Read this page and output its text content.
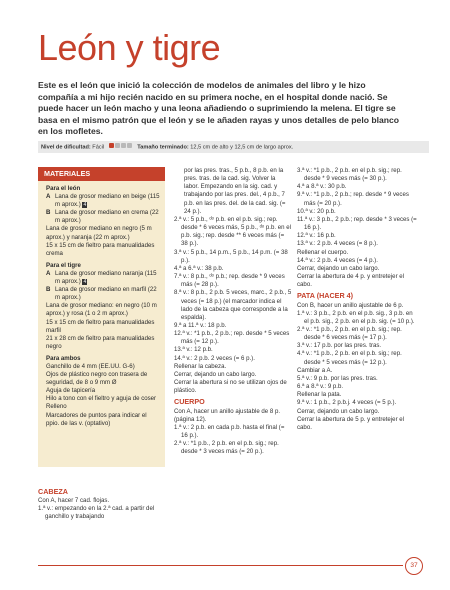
León y tigre

Este es el león que inició la colección de modelos de animales del libro y le hizo compañía a mi hijo recién nacido en su primera noche, en el hospital donde nació. Se puede hacer un león macho y una leona añadiendo o suprimiendo la melena. El tigre se basa en el mismo patrón que el león y se le añaden rayas y unos detalles de pelo blanco en los mofletes.

Nivel de dificultad: Fácil	Tamaño terminado: 12,5 cm de alto y 12,5 cm de largo aprox.
MATERIALES
Para el león
A Lana de grosor mediano en beige (115 m aprox.) 4
B Lana de grosor mediano en crema (22 m aprox.)
Lana de grosor mediano en negro (5 m aprox.) y naranja (22 m aprox.)
15 x 15 cm de fieltro para manualidades crema
Para el tigre
A Lana de grosor mediano naranja (115 m aprox.) 4
B Lana de grosor mediano en marfil (22 m aprox.)
Lana de grosor mediano: en negro (10 m aprox.) y rosa (1 o 2 m aprox.)
15 x 15 cm de fieltro para manualidades marfil
21 x 28 cm de fieltro para manualidades negro
Para ambos
Ganchillo de 4 mm (EE.UU. G-6)
Ojos de plástico negro con trasera de seguridad, de 8 o 9 mm Ø
Aguja de tapicería
Hilo a tono con el fieltro y aguja de coser
Relleno
Marcadores de puntos para indicar el ppio. de las v. (optativo)
CABEZA

Con A, hacer 7 cad. flojas.

1.ª v.: empezando en la 2.ª cad. a partir del ganchillo y trabajando

por las pres. tras., 5 p.b., 8 p.b. en la pres. tras. de la cad. sig. Volver la labor. Empezando en la sig. cad. y trabajando por las pres. del., 4 p.b., 7 p.b. en las pres. del. de la cad. sig. (= 24 p.).

2.ª v.: 5 p.b., ᵈᵒ p.b. en el p.b. sig.; rep. desde * 6 veces más, 5 p.b., ᵈᵒ p.b. en el p.b. sig.; rep. desde ** 6 veces más (= 38 p.).

3.ª v.: 5 p.b., 14 p.m., 5 p.b., 14 p.m. (= 38 p.).

4.ª a 6.ª v.: 38 p.b.

7.ª v.: 8 p.b., ᵈᵒ p.b.; rep. desde * 9 veces más (= 28 p.).

8.ª v.: 8 p.b., 2 p.b. 5 veces, marc., 2 p.b., 5 veces (= 18 p.) (el marcador indica el lado de la cabeza que corresponde a la espalda).

9.ª a 11.ª v.: 18 p.b.

12.ª v.: *1 p.b., 2 p.b.; rep. desde * 5 veces más (= 12 p.).

13.ª v.: 12 p.b.

14.ª v.: 2 p.b. 2 veces (= 6 p.).

Rellenar la cabeza.

Cerrar, dejando un cabo largo.

Cerrar la abertura si no se utilizan ojos de plástico.

CUERPO

Con A, hacer un anillo ajustable de 8 p. (página 12).

1.ª v.: 2 p.b. en cada p.b. hasta el final (= 16 p.).

2.ª v.: *1 p.b., 2 p.b. en el p.b. sig.; rep. desde * 3 veces más (= 20 p.).

3.ª v.: *1 p.b., 2 p.b. en el p.b. sig.; rep. desde * 9 veces más (= 30 p.).

4.ª a 8.ª v.: 30 p.b.

9.ª v.: *1 p.b., 2 p.b.; rep. desde * 9 veces más (= 20 p.).

10.ª v.: 20 p.b.

11.ª v.: 3 p.b., 2 p.b.; rep. desde * 3 veces (= 16 p.).

12.ª v.: 16 p.b.

13.ª v.: 2 p.b. 4 veces (= 8 p.).

Rellenar el cuerpo.

14.ª v.: 2 p.b. 4 veces (= 4 p.).

Cerrar, dejando un cabo largo.

Cerrar la abertura de 4 p. y entretejer el cabo.

PATA (HACER 4)

Con B, hacer un anillo ajustable de 6 p.

1.ª v.: 3 p.b., 2 p.b. en el p.b. sig., 3 p.b. en el p.b. sig., 2 p.b. en el p.b. sig. (= 10 p.).

2.ª v.: *1 p.b., 2 p.b. en el p.b. sig.; rep. desde * 6 veces más (= 17 p.).

3.ª v.: 17 p.b. por las pres. tras.

4.ª v.: *1 p.b., 2 p.b. en el p.b. sig.; rep. desde * 5 veces más (= 12 p.).

Cambiar a A.

5.ª v.: 9 p.b. por las pres. tras.

6.ª a 8.ª v.: 9 p.b.

Rellenar la pata.

9.ª v.: 1 p.b., 2 p.b.j. 4 veces (= 5 p.).

Cerrar, dejando un cabo largo.

Cerrar la abertura de 5 p. y entretejer el cabo.

37
